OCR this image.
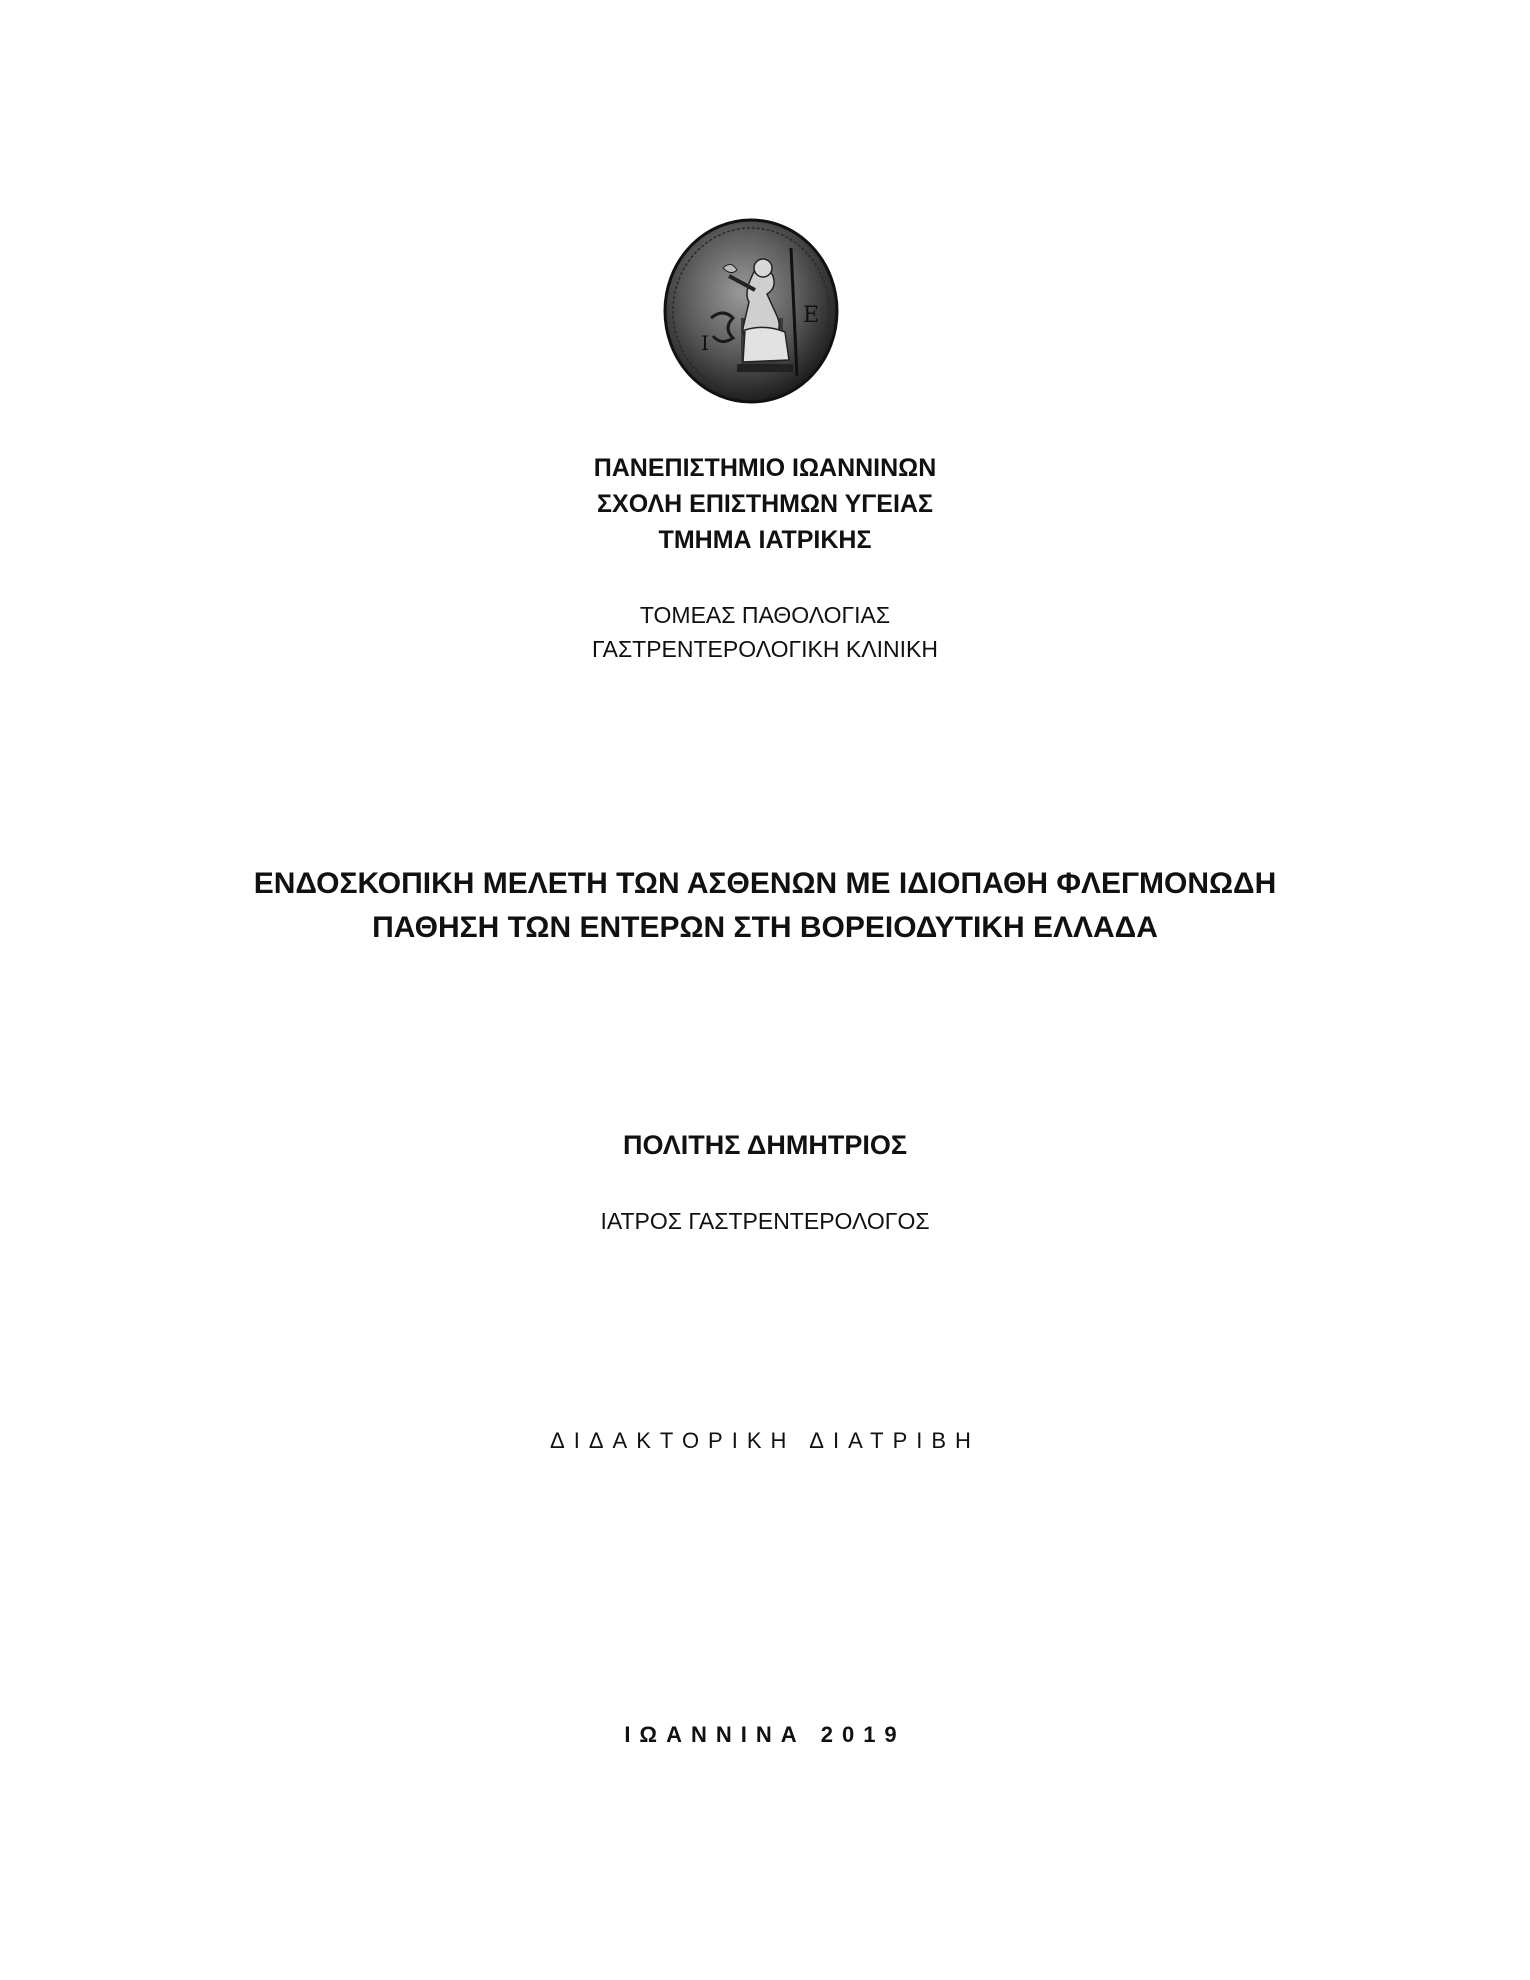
Ι
Ε
ΠΑΝΕΠΙΣΤΗΜΙΟ ΙΩΑΝΝΙΝΩΝ
ΣΧΟΛΗ ΕΠΙΣΤΗΜΩΝ ΥΓΕΙΑΣ
ΤΜΗΜΑ ΙΑΤΡΙΚΗΣ
ΤΟΜΕΑΣ ΠΑΘΟΛΟΓΙΑΣ
ΓΑΣΤΡΕΝΤΕΡΟΛΟΓΙΚΗ ΚΛΙΝΙΚΗ
ΕΝΔΟΣΚΟΠΙΚΗ ΜΕΛΕΤΗ ΤΩΝ ΑΣΘΕΝΩΝ ΜΕ ΙΔΙΟΠΑΘΗ ΦΛΕΓΜΟΝΩΔΗ
ΠΑΘΗΣΗ ΤΩΝ ΕΝΤΕΡΩΝ ΣΤΗ ΒΟΡΕΙΟΔΥΤΙΚΗ ΕΛΛΑΔΑ
ΠΟΛΙΤΗΣ ΔΗΜΗΤΡΙΟΣ
ΙΑΤΡΟΣ ΓΑΣΤΡΕΝΤΕΡΟΛΟΓΟΣ
ΔΙΔΑΚΤΟΡΙΚΗ ΔΙΑΤΡΙΒΗ
ΙΩΑΝΝΙΝΑ 2019
